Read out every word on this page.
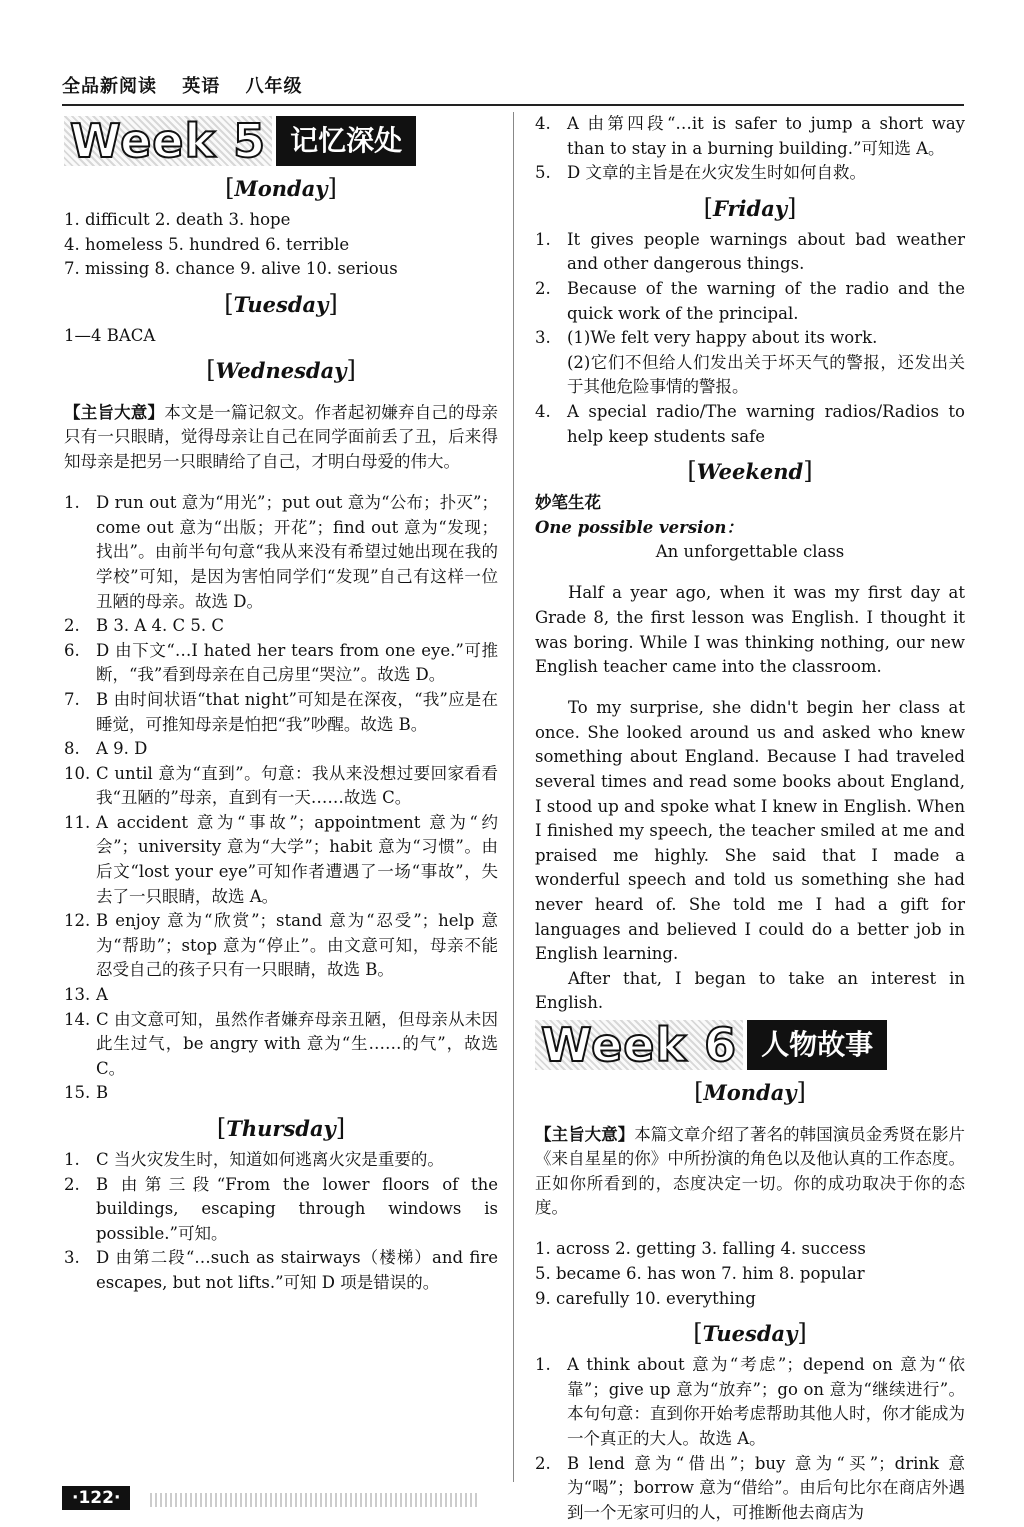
全品新阅读 英语 八年级
Week 5 记忆深处
[Monday]

1. difficult 2. death 3. hope

4. homeless 5. hundred 6. terrible

7. missing 8. chance 9. alive 10. serious

[Tuesday]

1—4 BACA

[Wednesday]

【主旨大意】本文是一篇记叙文。作者起初嫌弃自己的母亲只有一只眼睛，觉得母亲让自己在同学面前丢了丑，后来得知母亲是把另一只眼睛给了自己，才明白母爱的伟大。

1. D run out 意为“用光”；put out 意为“公布；扑灭”；come out 意为“出版；开花”；find out 意为“发现；找出”。由前半句句意“我从来没有希望过她出现在我的学校”可知，是因为害怕同学们“发现”自己有这样一位丑陋的母亲。故选 D。
2. B 3. A 4. C 5. C
6. D 由下文“…I hated her tears from one eye.”可推断，“我”看到母亲在自己房里“哭泣”。故选 D。
7. B 由时间状语“that night”可知是在深夜，“我”应是在睡觉，可推知母亲是怕把“我”吵醒。故选 B。
8. A 9. D
10. C until 意为“直到”。句意：我从来没想过要回家看看我“丑陋的”母亲，直到有一天……故选 C。
11. A accident 意为“事故”；appointment 意为“约会”；university 意为“大学”；habit 意为“习惯”。由后文“lost your eye”可知作者遭遇了一场“事故”，失去了一只眼睛，故选 A。
12. B enjoy 意为“欣赏”；stand 意为“忍受”；help 意为“帮助”；stop 意为“停止”。由文意可知，母亲不能忍受自己的孩子只有一只眼睛，故选 B。
13. A
14. C 由文意可知，虽然作者嫌弃母亲丑陋，但母亲从未因此生过气，be angry with 意为“生……的气”，故选 C。
15. B
[Thursday]
1. C 当火灾发生时，知道如何逃离火灾是重要的。
2. B 由第三段“From the lower floors of the buildings, escaping through windows is possible.”可知。
3. D 由第二段“…such as stairways（楼梯）and fire escapes, but not lifts.”可知 D 项是错误的。
4. A 由第四段“…it is safer to jump a short way than to stay in a burning building.”可知选 A。
5. D 文章的主旨是在火灾发生时如何自救。
[Friday]
1. It gives people warnings about bad weather and other dangerous things.
2. Because of the warning of the radio and the quick work of the principal.
3. (1)We felt very happy about its work.
(2)它们不但给人们发出关于坏天气的警报，还发出关于其他危险事情的警报。
4. A special radio/The warning radios/Radios to help keep students safe
[Weekend]

妙笔生花

One possible version：

An unforgettable class

Half a year ago, when it was my first day at Grade 8, the first lesson was English. I thought it was boring. While I was thinking nothing, our new English teacher came into the classroom.

To my surprise, she didn't begin her class at once. She looked around us and asked who knew something about England. Because I had traveled several times and read some books about England, I stood up and spoke what I knew in English. When I finished my speech, the teacher smiled at me and praised me highly. She said that I made a wonderful speech and told us something she had never heard of. She told me I had a gift for languages and believed I could do a better job in English learning.

After that, I began to take an interest in English.

Week 6 人物故事
[Monday]

【主旨大意】本篇文章介绍了著名的韩国演员金秀贤在影片《来自星星的你》中所扮演的角色以及他认真的工作态度。正如你所看到的，态度决定一切。你的成功取决于你的态度。

1. across 2. getting 3. falling 4. success

5. became 6. has won 7. him 8. popular

9. carefully 10. everything

[Tuesday]
1. A think about 意为“考虑”；depend on 意为“依靠”；give up 意为“放弃”；go on 意为“继续进行”。本句句意：直到你开始考虑帮助其他人时，你才能成为一个真正的大人。故选 A。
2. B lend 意为“借出”；buy 意为“买”；drink 意为“喝”；borrow 意为“借给”。由后句比尔在商店外遇到一个无家可归的人，可推断他去商店为
·122·
